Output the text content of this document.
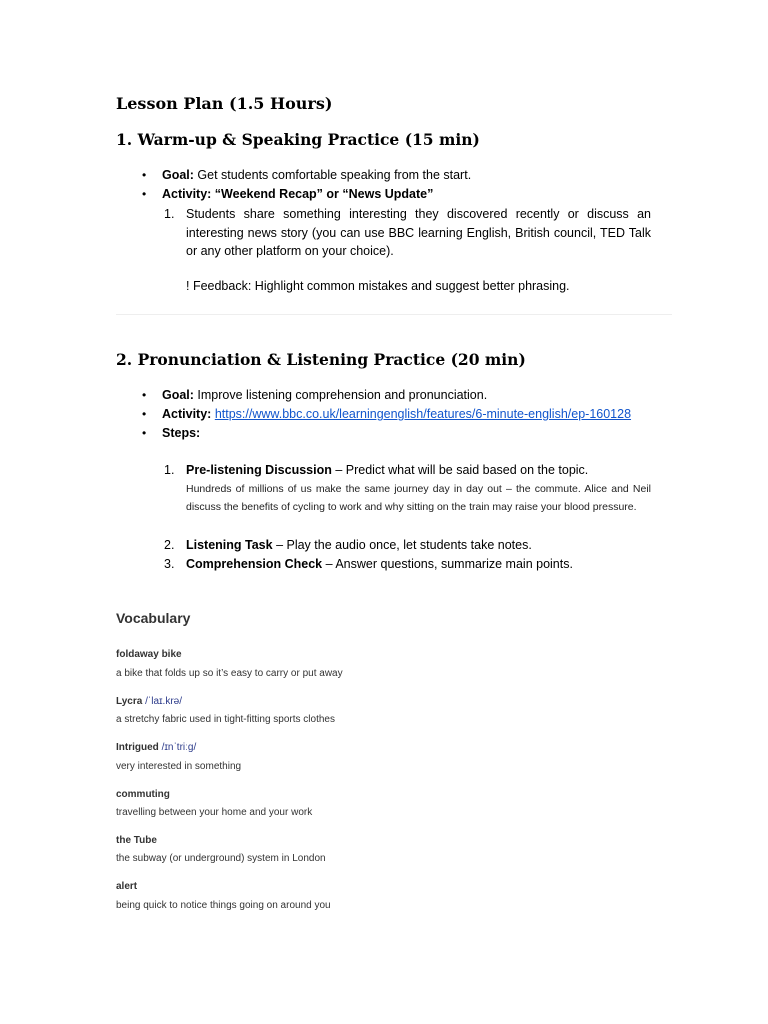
Lesson Plan (1.5 Hours)
1. Warm-up & Speaking Practice (15 min)
• Goal: Get students comfortable speaking from the start.
• Activity: “Weekend Recap” or “News Update”
1. Students share something interesting they discovered recently or discuss an interesting news story (you can use BBC learning English, British council, TED Talk or any other platform on your choice).
! Feedback: Highlight common mistakes and suggest better phrasing.
2. Pronunciation & Listening Practice (20 min)
• Goal: Improve listening comprehension and pronunciation.
• Activity: https://www.bbc.co.uk/learningenglish/features/6-minute-english/ep-160128
• Steps:
1. Pre-listening Discussion – Predict what will be said based on the topic.
Hundreds of millions of us make the same journey day in day out – the commute. Alice and Neil discuss the benefits of cycling to work and why sitting on the train may raise your blood pressure.
2. Listening Task – Play the audio once, let students take notes.
3. Comprehension Check – Answer questions, summarize main points.
Vocabulary
foldaway bike
a bike that folds up so it’s easy to carry or put away
Lycra /ˈlaɪ.krə/
a stretchy fabric used in tight-fitting sports clothes
Intrigued /ɪnˈtriːɡ/
very interested in something
commuting
travelling between your home and your work
the Tube
the subway (or underground) system in London
alert
being quick to notice things going on around you
